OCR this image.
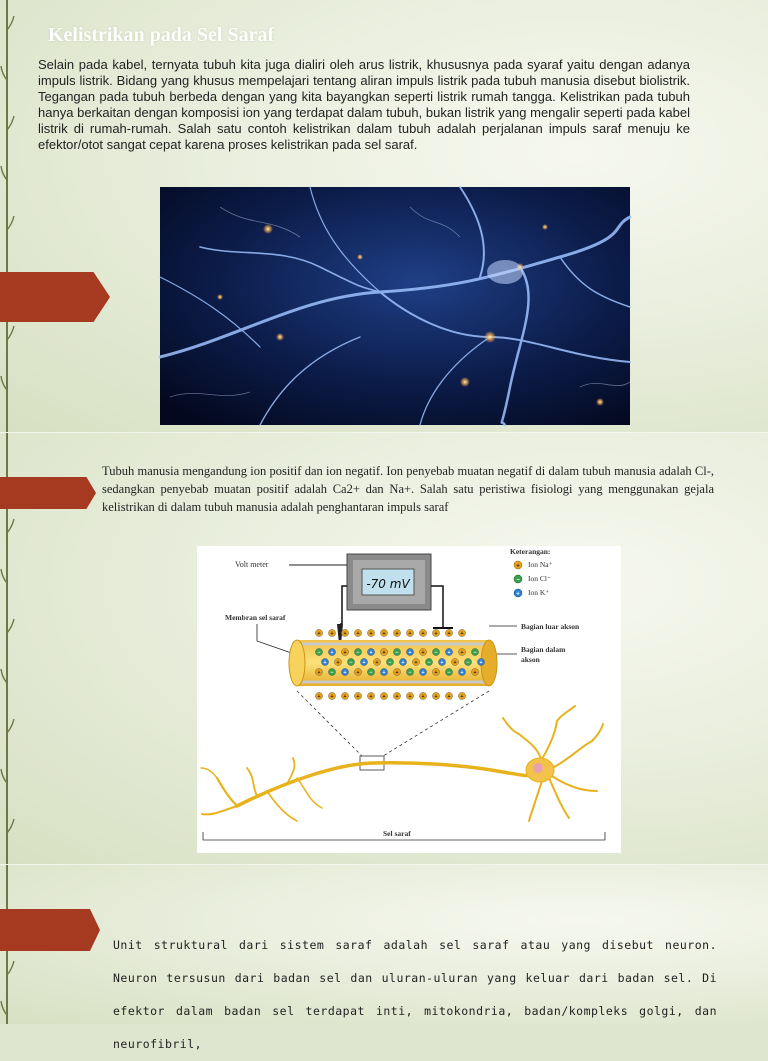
Kelistrikan pada Sel Saraf

Selain pada kabel, ternyata tubuh kita juga dialiri oleh arus listrik, khususnya pada syaraf yaitu dengan adanya impuls listrik. Bidang yang khusus mempelajari tentang aliran impuls listrik pada tubuh manusia disebut biolistrik. Tegangan pada tubuh berbeda dengan yang kita bayangkan seperti listrik rumah tangga. Kelistrikan pada tubuh hanya berkaitan dengan komposisi ion yang terdapat dalam tubuh, bukan listrik yang mengalir seperti pada kabel listrik di rumah-rumah. Salah satu contoh kelistrikan dalam tubuh adalah perjalanan impuls saraf menuju ke efektor/otot sangat cepat karena proses kelistrikan pada sel saraf.

Tubuh manusia mengandung ion positif dan ion negatif. Ion penyebab muatan negatif di dalam tubuh manusia adalah Cl-, sedangkan penyebab muatan positif adalah Ca2+ dan Na+. Salah satu peristiwa fisiologi yang menggunakan gejala kelistrikan di dalam tubuh manusia adalah penghantaran impuls saraf

Volt meter
-70 mV
Keterangan:
+ Ion Na⁺
− Ion Cl⁻
+ Ion K⁺
Membran sel saraf
Bagian luar akson
Bagian dalam
akson
+ + + + + + + + + + + +
+ + + + + + + + + + + +
− + + − + + − + + − + + −
+ + − + + − + + − + + − +
+ − + + − + + − + + − + +
Sel saraf

Unit struktural dari sistem saraf adalah sel saraf atau yang disebut neuron. Neuron tersusun dari badan sel dan uluran-uluran yang keluar dari badan sel. Di efektor dalam badan sel terdapat inti, mitokondria, badan/kompleks golgi, dan neurofibril,
